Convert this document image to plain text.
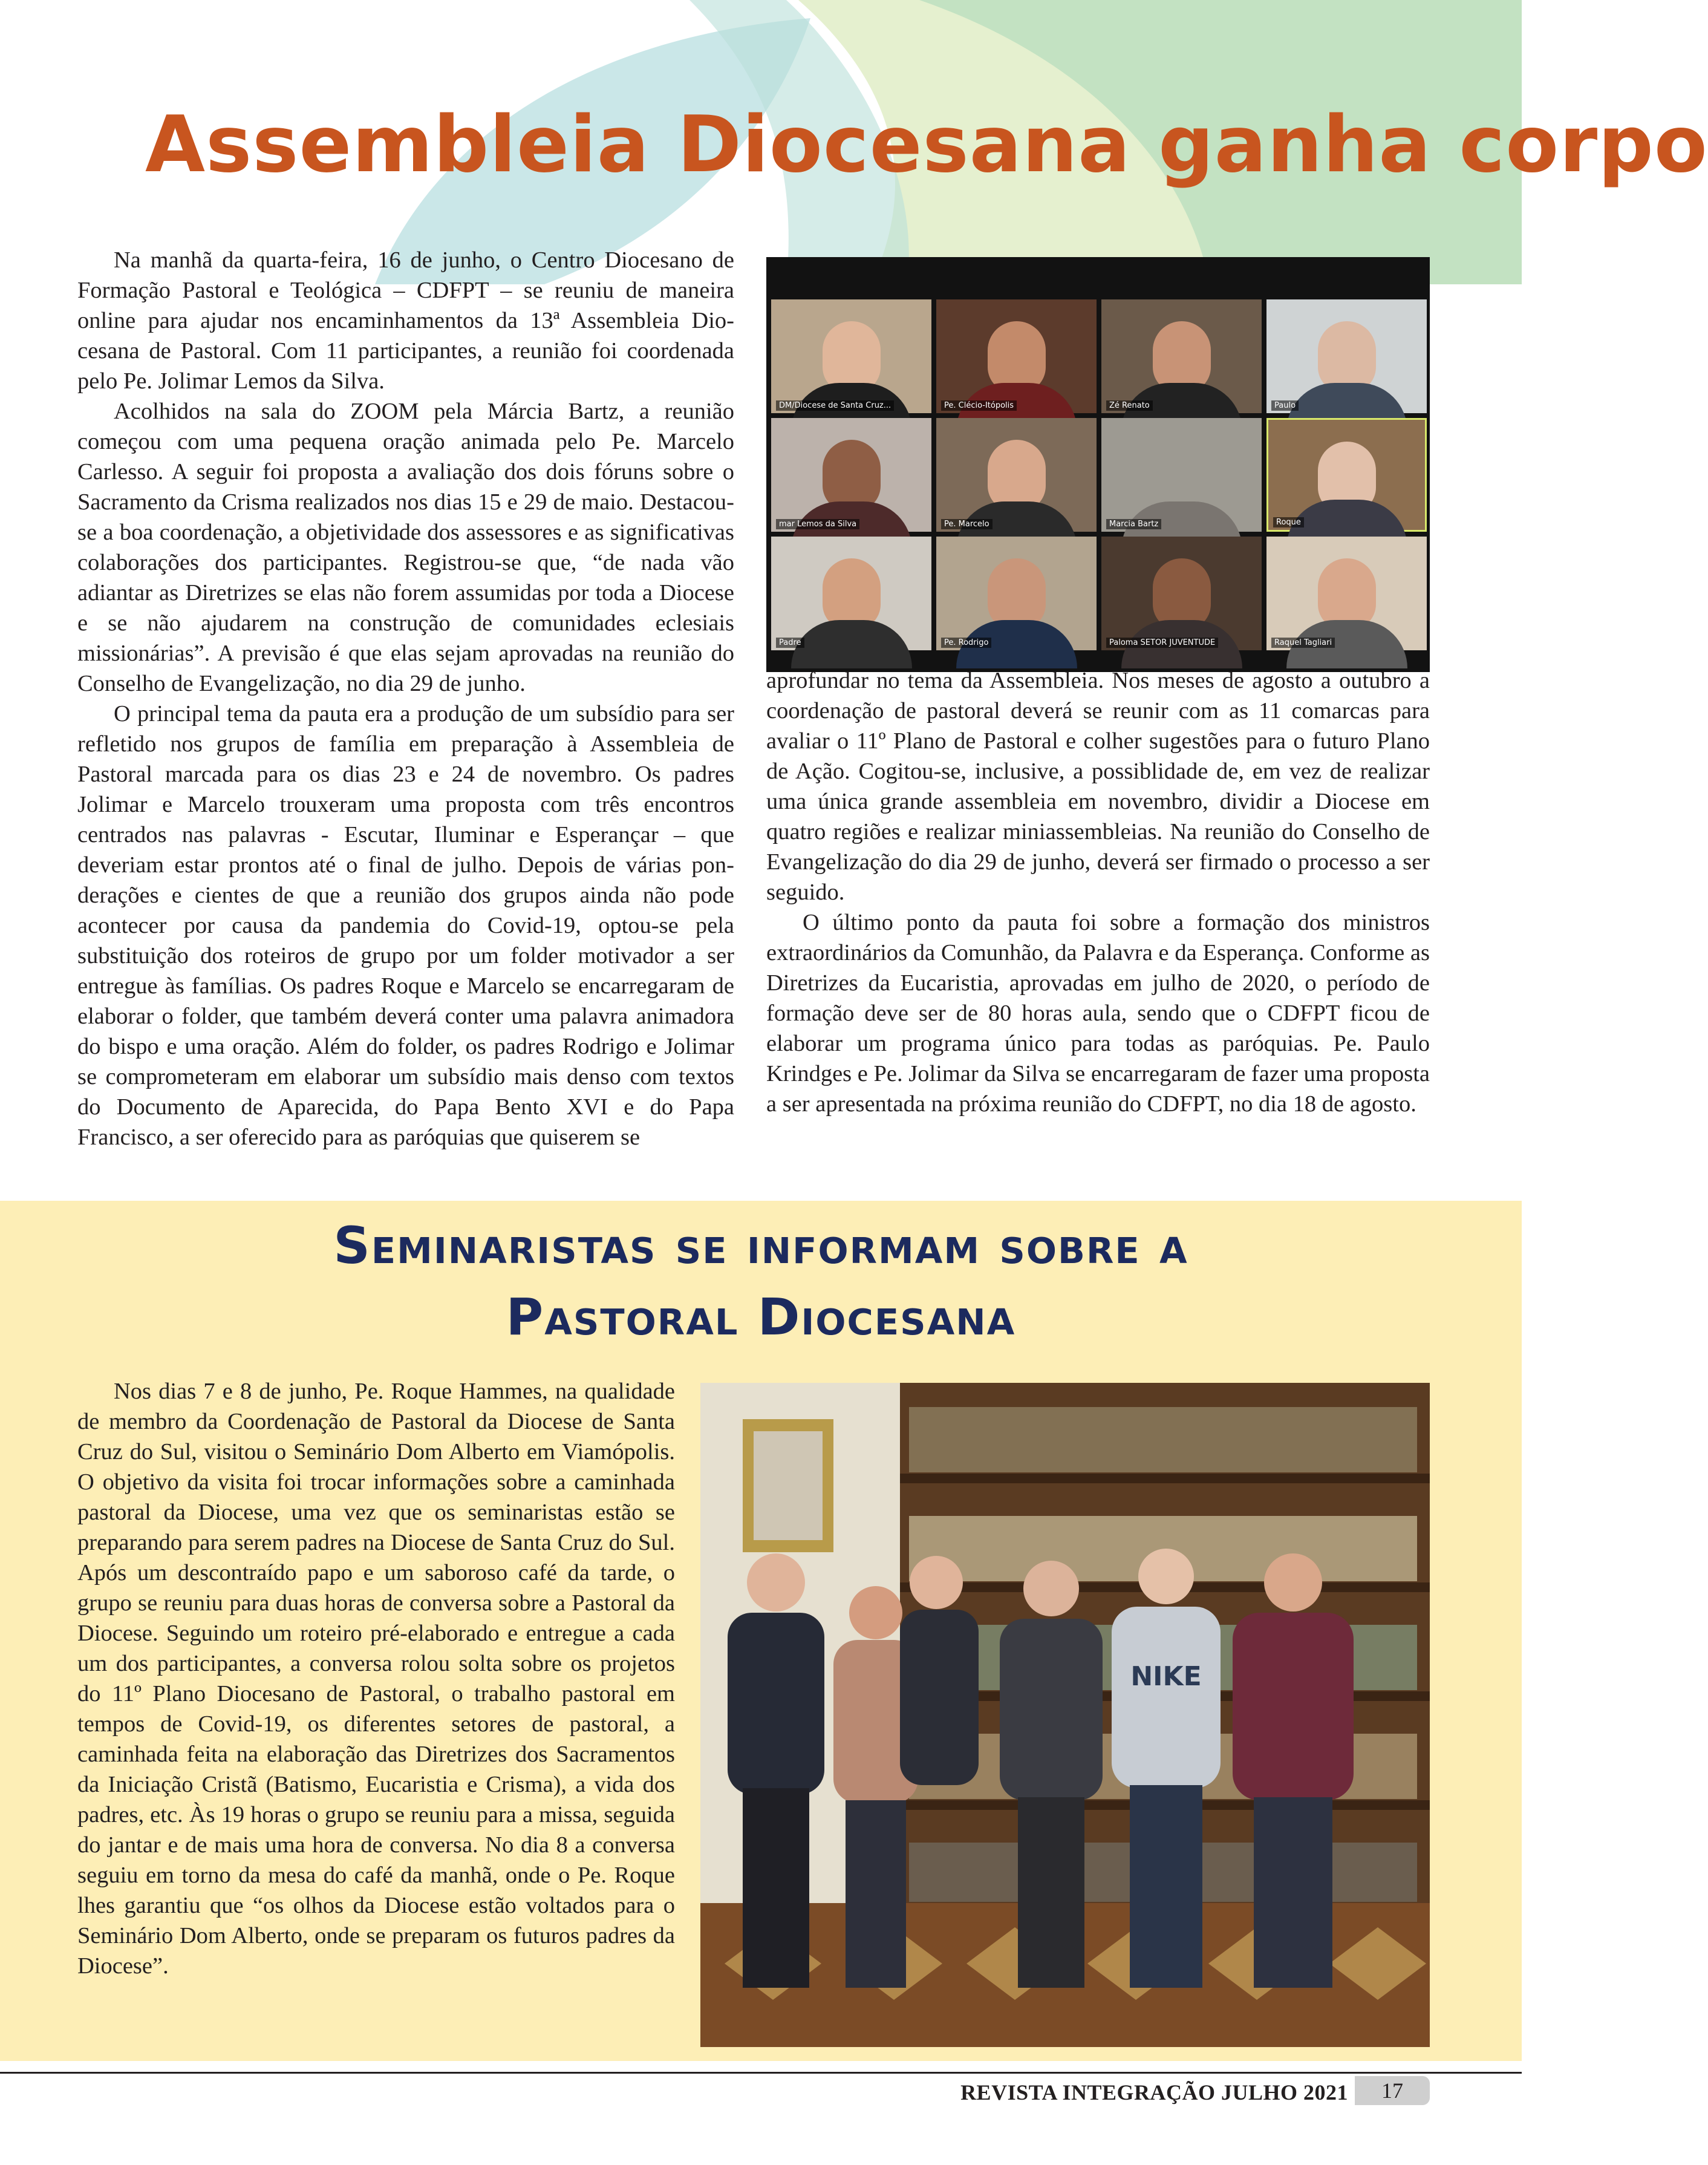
Assembleia Diocesana ganha corpo

Na manhã da quarta-feira, 16 de junho, o Centro Diocesano de Formação Pastoral e Teológica – CDFPT – se reuniu de maneira online para ajudar nos encaminhamentos da 13ª Assembleia Diocesana de Pastoral. Com 11 participantes, a reunião foi coordenada pelo Pe. Jolimar Lemos da Silva.

Acolhidos na sala do ZOOM pela Márcia Bartz, a reunião começou com uma pequena oração animada pelo Pe. Marcelo Carlesso. A seguir foi proposta a avaliação dos dois fóruns sobre o Sacramento da Crisma realizados nos dias 15 e 29 de maio. Destacou-se a boa coordenação, a objetividade dos assessores e as significativas colaborações dos participantes. Registrou-se que, “de nada vão adiantar as Diretrizes se elas não forem assumidas por toda a Diocese e se não ajudarem na construção de comunidades eclesiais missionárias”. A previsão é que elas sejam aprovadas na reunião do Conselho de Evangelização, no dia 29 de junho.

O principal tema da pauta era a produção de um subsídio para ser refletido nos grupos de família em preparação à Assembleia de Pastoral marcada para os dias 23 e 24 de novembro. Os padres Jolimar e Marcelo trouxeram uma proposta com três encontros centrados nas palavras - Escutar, Iluminar e Esperançar – que deveriam estar prontos até o final de julho. Depois de várias ponderações e cientes de que a reunião dos grupos ainda não pode acontecer por causa da pandemia do Covid-19, optou-se pela substituição dos roteiros de grupo por um folder motivador a ser entregue às famílias. Os padres Roque e Marcelo se encarregaram de elaborar o folder, que também deverá conter uma palavra animadora do bispo e uma oração. Além do folder, os padres Rodrigo e Jolimar se comprometeram em elaborar um subsídio mais denso com textos do Documento de Aparecida, do Papa Bento XVI e do Papa Francisco, a ser oferecido para as paróquias que quiserem se

DM/Diocese de Santa Cruz...	Pe. Clécio-Itópolis	Zé Renato	Paulo
mar Lemos da Silva	Pe. Marcelo	Marcia Bartz	Roque
Padre	Pe. Rodrigo	Paloma SETOR JUVENTUDE	Raquel Tagliari

aprofundar no tema da Assembleia. Nos meses de agosto a outubro a coordenação de pastoral deverá se reunir com as 11 comarcas para avaliar o 11º Plano de Pastoral e colher sugestões para o futuro Plano de Ação. Cogitou-se, inclusive, a possiblidade de, em vez de realizar uma única grande assembleia em novembro, dividir a Diocese em quatro regiões e realizar miniassembleias. Na reunião do Conselho de Evangelização do dia 29 de junho, deverá ser firmado o processo a ser seguido.

O último ponto da pauta foi sobre a formação dos ministros extraordinários da Comunhão, da Palavra e da Esperança. Conforme as Diretrizes da Eucaristia, aprovadas em julho de 2020, o período de formação deve ser de 80 horas aula, sendo que o CDFPT ficou de elaborar um programa único para todas as paróquias. Pe. Paulo Krindges e Pe. Jolimar da Silva se encarregaram de fazer uma proposta a ser apresentada na próxima reunião do CDFPT, no dia 18 de agosto.

Seminaristas se informam sobre a
Pastoral Diocesana

Nos dias 7 e 8 de junho, Pe. Roque Hammes, na qualidade de membro da Coordenação de Pastoral da Diocese de Santa Cruz do Sul, visitou o Seminário Dom Alberto em Viamópolis. O objetivo da visita foi trocar informações sobre a caminhada pastoral da Diocese, uma vez que os seminaristas estão se preparando para serem padres na Diocese de Santa Cruz do Sul. Após um descontraído papo e um saboroso café da tarde, o grupo se reuniu para duas horas de conversa sobre a Pastoral da Diocese. Seguindo um roteiro pré-elaborado e entregue a cada um dos participantes, a conversa rolou solta sobre os projetos do 11º Plano Diocesano de Pastoral, o trabalho pastoral em tempos de Covid-19, os diferentes setores de pastoral, a caminhada feita na elaboração das Diretrizes dos Sacramentos da Iniciação Cristã (Batismo, Eucaristia e Crisma), a vida dos padres, etc. Às 19 horas o grupo se reuniu para a missa, seguida do jantar e de mais uma hora de conversa. No dia 8 a conversa seguiu em torno da mesa do café da manhã, onde o Pe. Roque lhes garantiu que “os olhos da Diocese estão voltados para o Seminário Dom Alberto, onde se preparam os futuros padres da Diocese”.

NIKE
REVISTA INTEGRAÇÃO JULHO 2021	17
